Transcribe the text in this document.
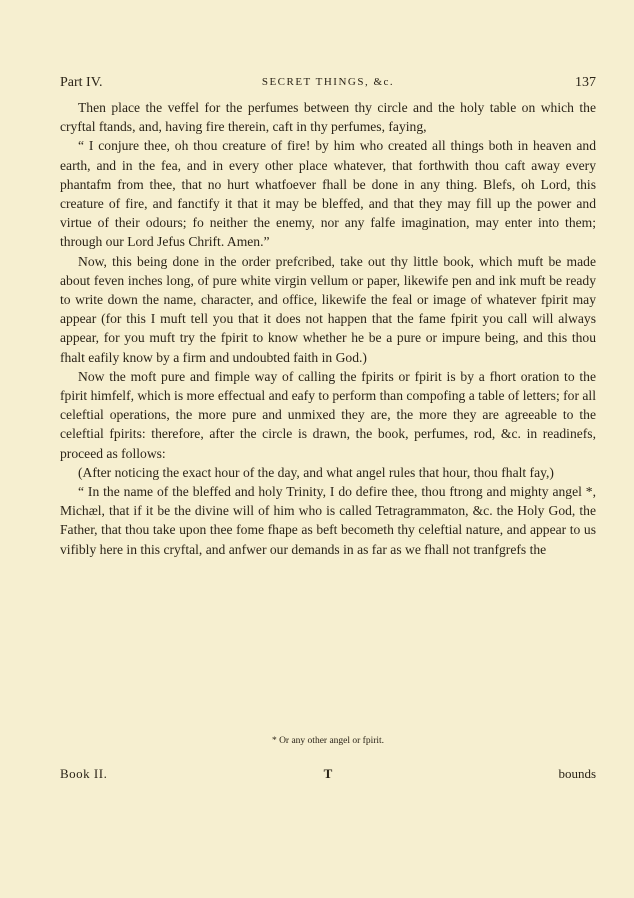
Part IV.	SECRET THINGS, &c.	137

Then place the veffel for the perfumes between thy circle and the holy table on which the cryftal ftands, and, having fire therein, caft in thy perfumes, faying,

“ I conjure thee, oh thou creature of fire! by him who created all things both in heaven and earth, and in the fea, and in every other place whatever, that forthwith thou caft away every phantafm from thee, that no hurt whatfoever fhall be done in any thing. Blefs, oh Lord, this creature of fire, and fanctify it that it may be bleffed, and that they may fill up the power and virtue of their odours; fo neither the enemy, nor any falfe imagination, may enter into them; through our Lord Jefus Chrift. Amen.”

Now, this being done in the order prefcribed, take out thy little book, which muft be made about feven inches long, of pure white virgin vellum or paper, likewife pen and ink muft be ready to write down the name, character, and office, likewife the feal or image of whatever fpirit may appear (for this I muft tell you that it does not happen that the fame fpirit you call will always appear, for you muft try the fpirit to know whether he be a pure or impure being, and this thou fhalt eafily know by a firm and undoubted faith in God.)

Now the moft pure and fimple way of calling the fpirits or fpirit is by a fhort oration to the fpirit himfelf, which is more effectual and eafy to perform than compofing a table of letters; for all celeftial operations, the more pure and unmixed they are, the more they are agreeable to the celeftial fpirits: therefore, after the circle is drawn, the book, perfumes, rod, &c. in readinefs, proceed as follows:

(After noticing the exact hour of the day, and what angel rules that hour, thou fhalt fay,)

“ In the name of the bleffed and holy Trinity, I do defire thee, thou ftrong and mighty angel *, Michæl, that if it be the divine will of him who is called Tetragrammaton, &c. the Holy God, the Father, that thou take upon thee fome fhape as beft becometh thy celeftial nature, and appear to us vifibly here in this cryftal, and anfwer our demands in as far as we fhall not tranfgrefs the

* Or any other angel or fpirit.
Book II.	T	bounds
